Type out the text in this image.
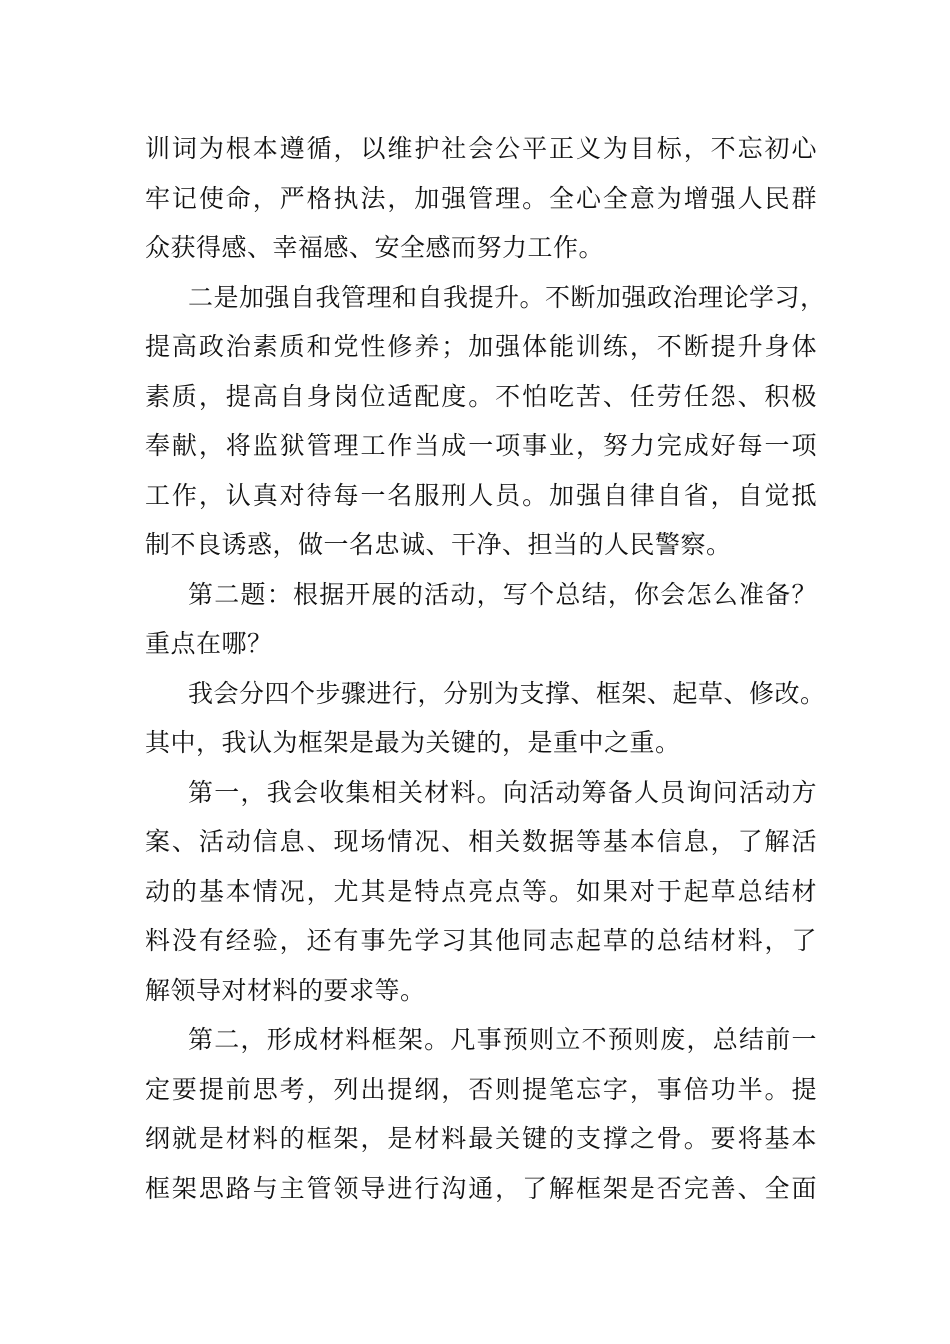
训词为根本遵循，以维护社会公平正义为目标，不忘初心
牢记使命，严格执法，加强管理。全心全意为增强人民群
众获得感、幸福感、安全感而努力工作。
二是加强自我管理和自我提升。不断加强政治理论学习，
提高政治素质和党性修养；加强体能训练，不断提升身体
素质，提高自身岗位适配度。不怕吃苦、任劳任怨、积极
奉献，将监狱管理工作当成一项事业，努力完成好每一项
工作，认真对待每一名服刑人员。加强自律自省，自觉抵
制不良诱惑，做一名忠诚、干净、担当的人民警察。
第二题：根据开展的活动，写个总结，你会怎么准备？
重点在哪？
我会分四个步骤进行，分别为支撑、框架、起草、修改。
其中，我认为框架是最为关键的，是重中之重。
第一，我会收集相关材料。向活动筹备人员询问活动方
案、活动信息、现场情况、相关数据等基本信息，了解活
动的基本情况，尤其是特点亮点等。如果对于起草总结材
料没有经验，还有事先学习其他同志起草的总结材料，了
解领导对材料的要求等。
第二，形成材料框架。凡事预则立不预则废，总结前一
定要提前思考，列出提纲，否则提笔忘字，事倍功半。提
纲就是材料的框架，是材料最关键的支撑之骨。要将基本
框架思路与主管领导进行沟通，了解框架是否完善、全面
